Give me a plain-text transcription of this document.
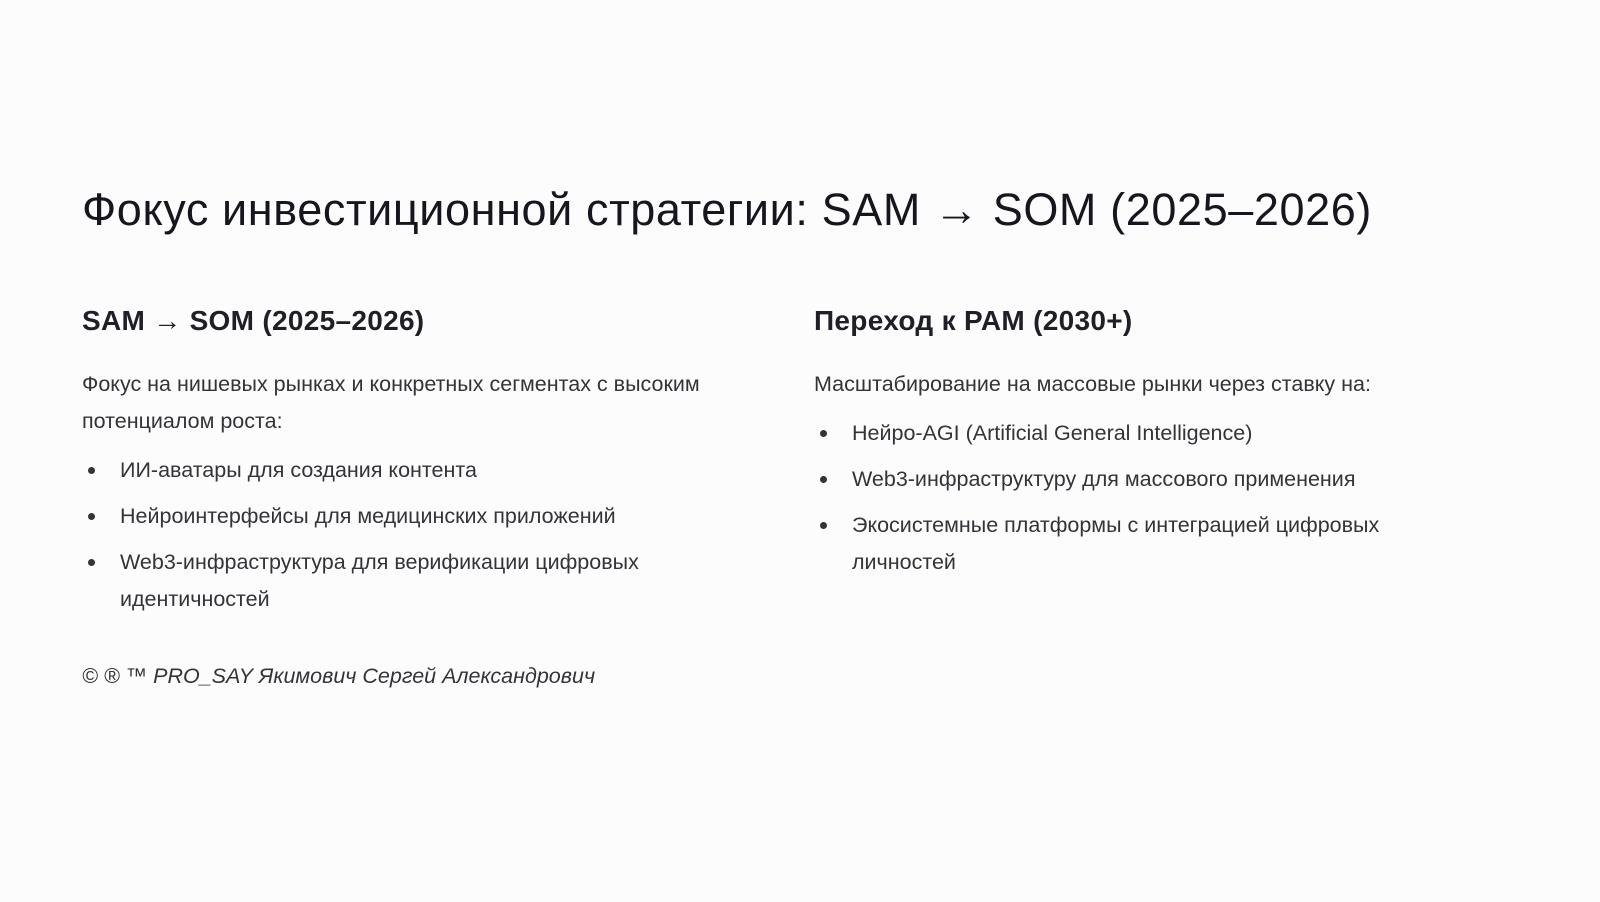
Фокус инвестиционной стратегии: SAM → SOM (2025–2026)
SAM → SOM (2025–2026)

Фокус на нишевых рынках и конкретных сегментах с высоким потенциалом роста:

ИИ-аватары для создания контента
Нейроинтерфейсы для медицинских приложений
Web3-инфраструктура для верификации цифровых идентичностей
Переход к PAM (2030+)

Масштабирование на массовые рынки через ставку на:

Нейро-AGI (Artificial General Intelligence)
Web3-инфраструктуру для массового применения
Экосистемные платформы с интеграцией цифровых личностей
© ® ™ PRO_SAY Якимович Сергей Александрович
